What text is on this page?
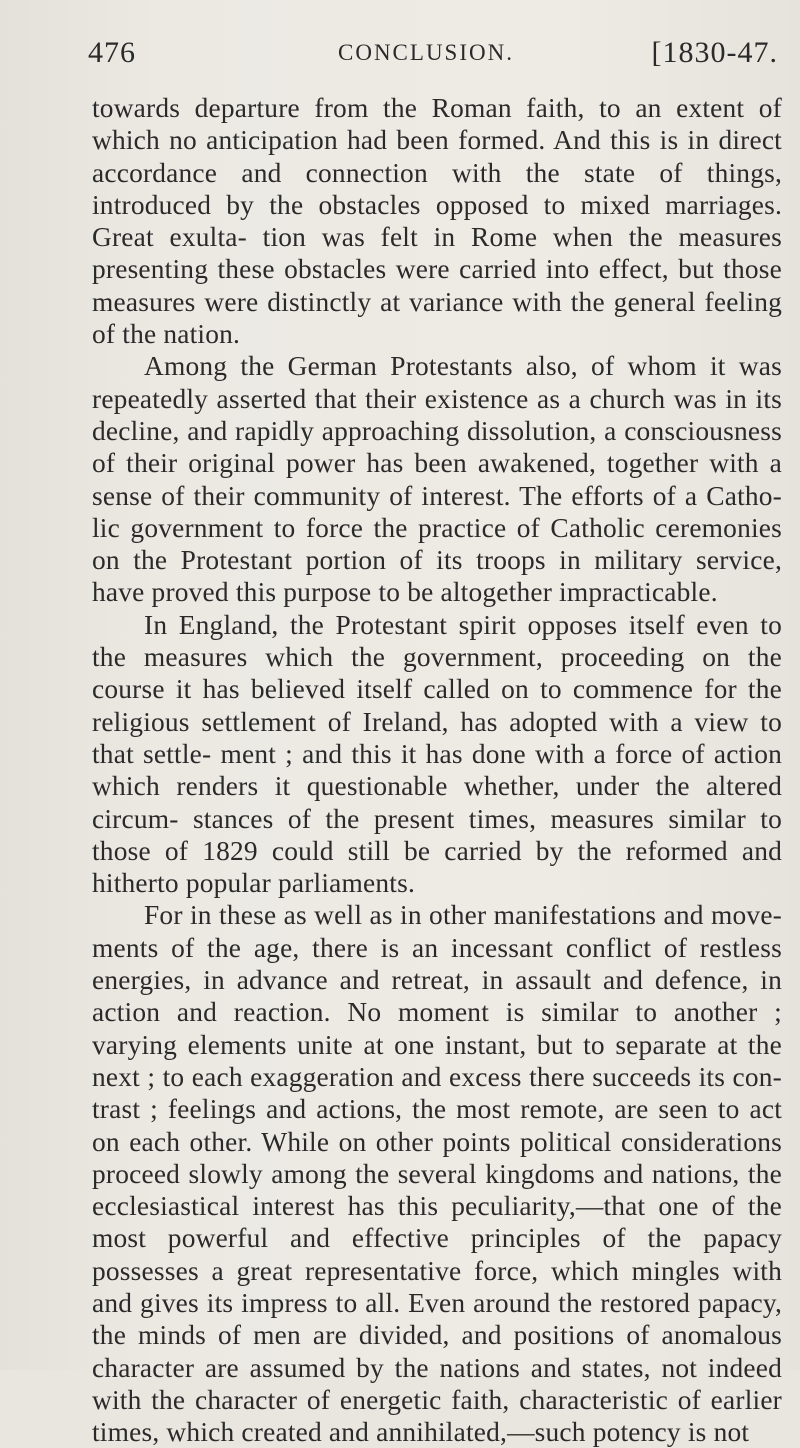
476	CONCLUSION.	[1830-47.

towards departure from the Roman faith, to an extent of which no anticipation had been formed. And this is in direct accordance and connection with the state of things, introduced by the obstacles opposed to mixed marriages. Great exulta- tion was felt in Rome when the measures presenting these obstacles were carried into effect, but those measures were distinctly at variance with the general feeling of the nation.

Among the German Protestants also, of whom it was repeatedly asserted that their existence as a church was in its decline, and rapidly approaching dissolution, a consciousness of their original power has been awakened, together with a sense of their community of interest. The efforts of a Catho- lic government to force the practice of Catholic ceremonies on the Protestant portion of its troops in military service, have proved this purpose to be altogether impracticable.

In England, the Protestant spirit opposes itself even to the measures which the government, proceeding on the course it has believed itself called on to commence for the religious settlement of Ireland, has adopted with a view to that settle- ment ; and this it has done with a force of action which renders it questionable whether, under the altered circum- stances of the present times, measures similar to those of 1829 could still be carried by the reformed and hitherto popular parliaments.

For in these as well as in other manifestations and move- ments of the age, there is an incessant conflict of restless energies, in advance and retreat, in assault and defence, in action and reaction. No moment is similar to another ; varying elements unite at one instant, but to separate at the next ; to each exaggeration and excess there succeeds its con- trast ; feelings and actions, the most remote, are seen to act on each other. While on other points political considerations proceed slowly among the several kingdoms and nations, the ecclesiastical interest has this peculiarity,—that one of the most powerful and effective principles of the papacy possesses a great representative force, which mingles with and gives its impress to all. Even around the restored papacy, the minds of men are divided, and positions of anomalous character are assumed by the nations and states, not indeed with the character of energetic faith, characteristic of earlier times, which created and annihilated,—such potency is not
